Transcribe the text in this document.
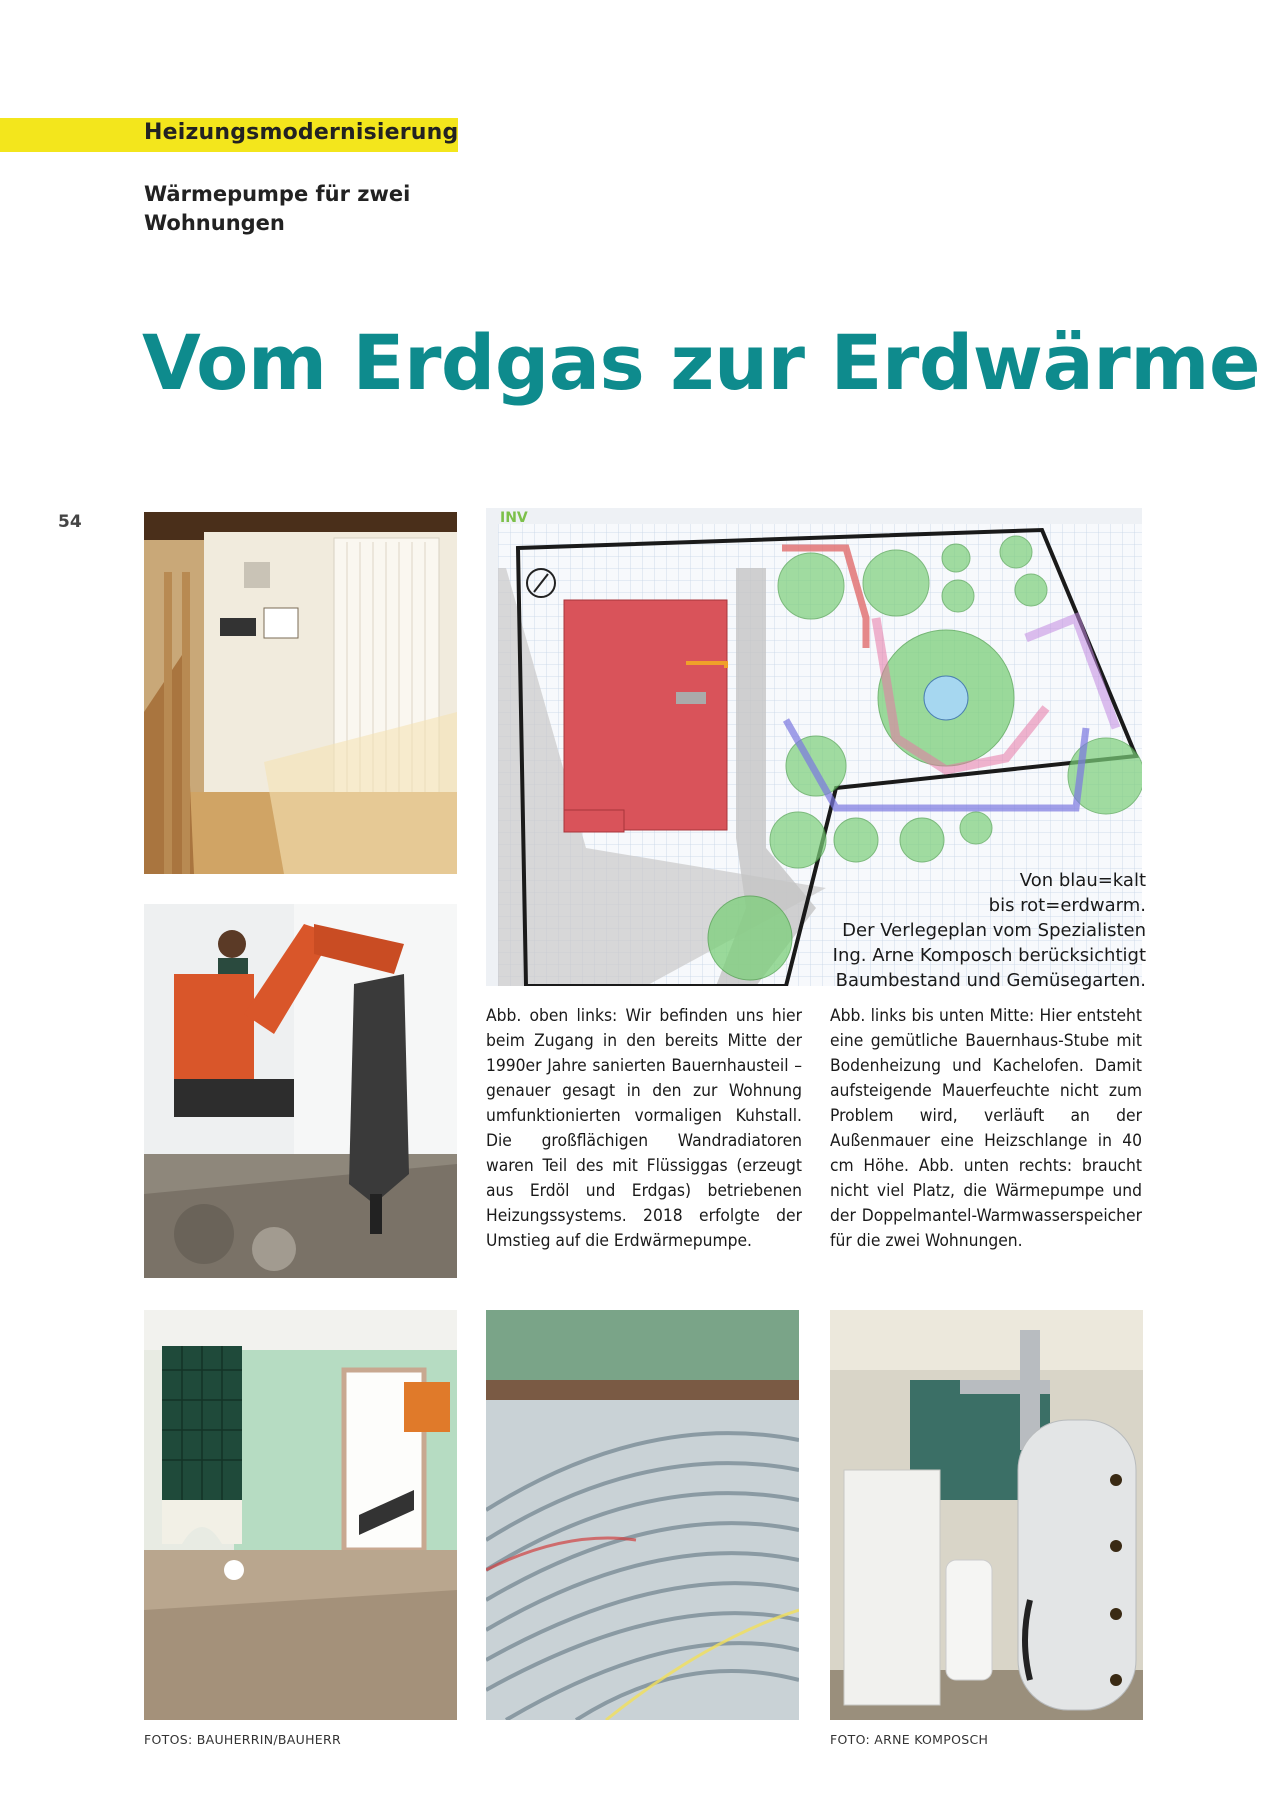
Heizungsmodernisierung
Wärmepumpe für zwei
Wohnungen
Vom Erdgas zur Erdwärme
54	INV
Von blau=kalt
bis rot=erdwarm.
Der Verlegeplan vom Spezialisten
Ing. Arne Komposch berücksichtigt
Baumbestand und Gemüsegarten.
Abb. oben links: Wir befinden uns hier beim Zugang in den bereits Mitte der 1990er Jahre sanierten Bauernhausteil – genauer gesagt in den zur Wohnung umfunktionierten vormaligen Kuhstall. Die großflächigen Wandradiatoren waren Teil des mit Flüssiggas (erzeugt aus Erdöl und Erdgas) betriebenen Heizungssystems. 2018 erfolgte der Umstieg auf die Erdwärmepumpe.
Abb. links bis unten Mitte: Hier entsteht eine gemütliche Bauernhaus-Stube mit Bodenheizung und Kachelofen. Damit aufsteigende Mauerfeuchte nicht zum Problem wird, verläuft an der Außenmauer eine Heizschlange in 40 cm Höhe. Abb. unten rechts: braucht nicht viel Platz, die Wärmepumpe und der Doppelmantel-Warmwasserspeicher für die zwei Wohnungen.
FOTOS: BAUHERRIN/BAUHERR	FOTO: ARNE KOMPOSCH
